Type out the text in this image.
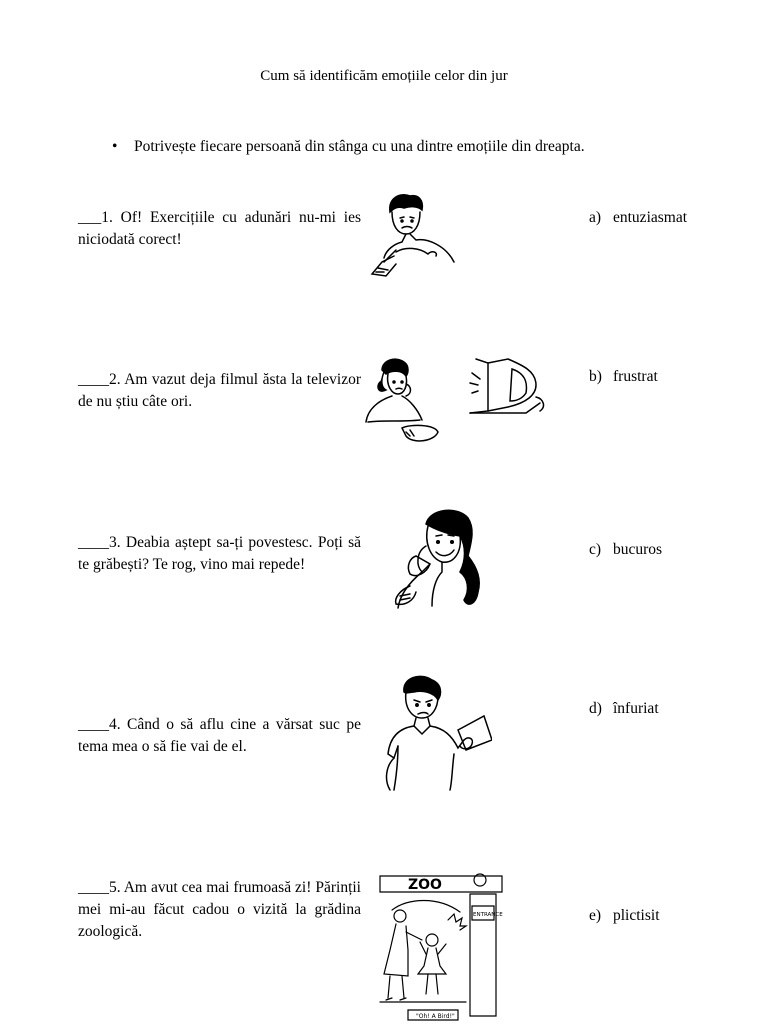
Cum să identificăm emoțiile celor din jur
• Potrivește fiecare persoană din stânga cu una dintre emoțiile din dreapta.
___1. Of! Exercițiile cu adunări nu-mi ies niciodată corect!
a) entuziasmat
____2. Am vazut deja filmul ăsta la televizor de nu știu câte ori.
b) frustrat
____3. Deabia aștept sa-ți povestesc. Poți să te grăbești? Te rog, vino mai repede!
c) bucuros
____4. Când o să aflu cine a vărsat suc pe tema mea o să fie vai de el.
d) înfuriat
____5. Am avut cea mai frumoasă zi! Părinții mei mi-au făcut cadou o vizită la grădina zoologică.
e) plictisit
ZOO
ENTRANCE
"Oh! A Bird!"
